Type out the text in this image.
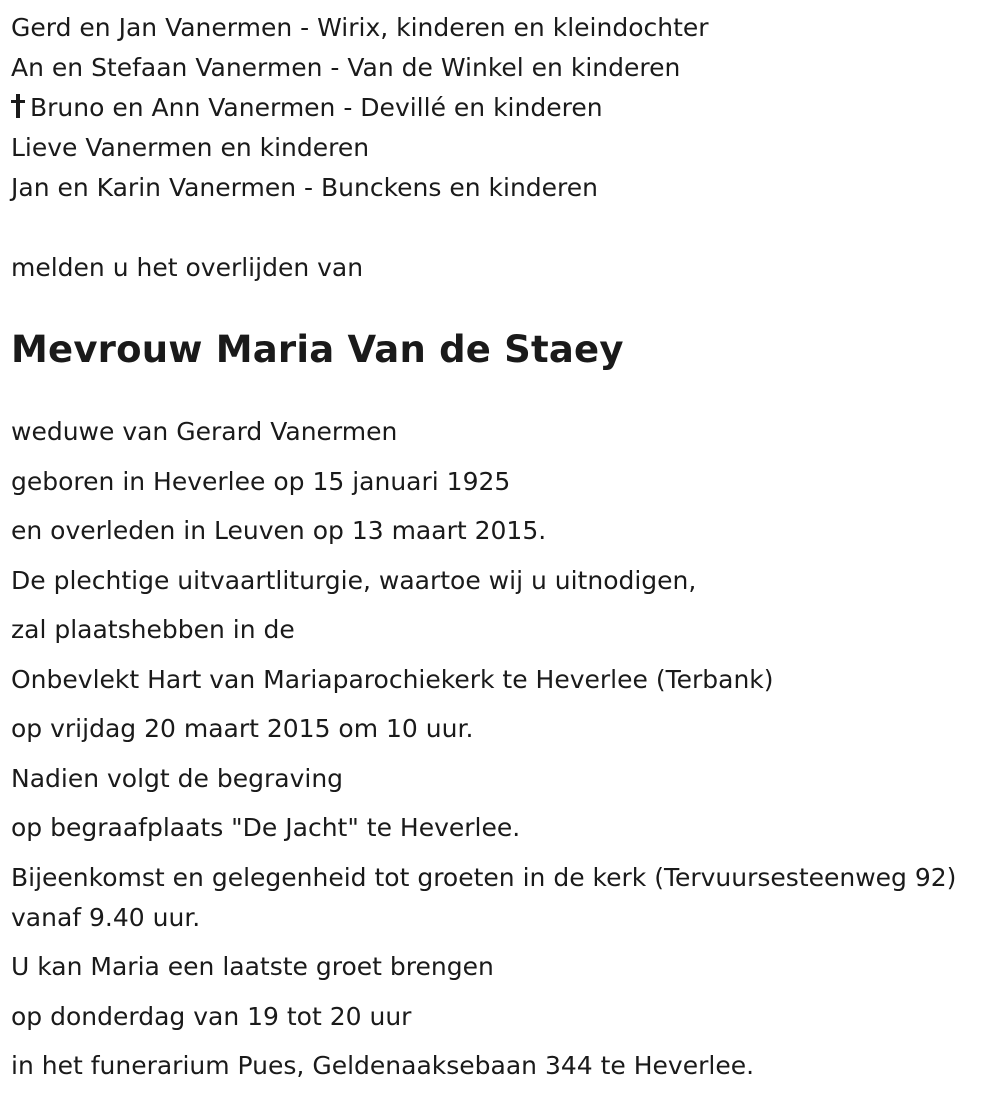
Gerd en Jan Vanermen - Wirix, kinderen en kleindochter
An en Stefaan Vanermen - Van de Winkel en kinderen
Bruno en Ann Vanermen - Devillé en kinderen
Lieve Vanermen en kinderen
Jan en Karin Vanermen - Bunckens en kinderen
melden u het overlijden van
Mevrouw Maria Van de Staey
weduwe van Gerard Vanermen
geboren in Heverlee op 15 januari 1925
en overleden in Leuven op 13 maart 2015.
De plechtige uitvaartliturgie, waartoe wij u uitnodigen,
zal plaatshebben in de
Onbevlekt Hart van Mariaparochiekerk te Heverlee (Terbank)
op vrijdag 20 maart 2015 om 10 uur.
Nadien volgt de begraving
op begraafplaats "De Jacht" te Heverlee.
Bijeenkomst en gelegenheid tot groeten in de kerk (Tervuursesteenweg 92) vanaf 9.40 uur.
U kan Maria een laatste groet brengen
op donderdag van 19 tot 20 uur
in het funerarium Pues, Geldenaaksebaan 344 te Heverlee.
